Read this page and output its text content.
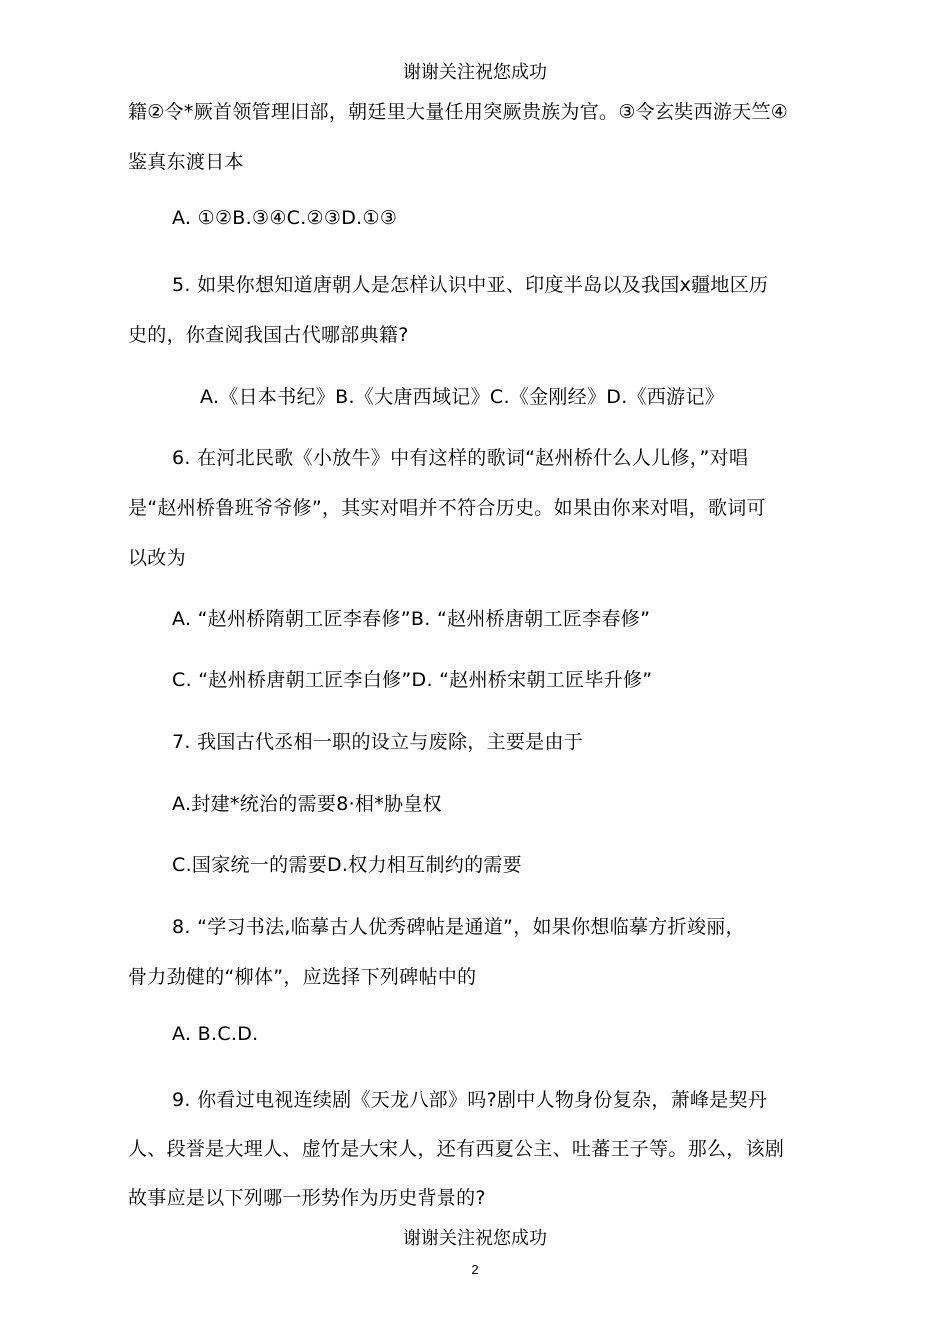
谢谢关注祝您成功
籍②令*厥首领管理旧部，朝廷里大量任用突厥贵族为官。③令玄奘西游天竺④
鉴真东渡日本
A. ①②B.③④C.②③D.①③
5. 如果你想知道唐朝人是怎样认识中亚、印度半岛以及我国x疆地区历
史的，你查阅我国古代哪部典籍?
A.《日本书纪》B.《大唐西域记》C.《金刚经》D.《西游记》
6. 在河北民歌《小放牛》中有这样的歌词“赵州桥什么人儿修，”对唱
是“赵州桥鲁班爷爷修”，其实对唱并不符合历史。如果由你来对唱，歌词可
以改为
A. “赵州桥隋朝工匠李春修”B. “赵州桥唐朝工匠李春修”
C. “赵州桥唐朝工匠李白修”D. “赵州桥宋朝工匠毕升修”
7. 我国古代丞相一职的设立与废除，主要是由于
A.封建*统治的需要8·相*胁皇权
C.国家统一的需要D.权力相互制约的需要
8. “学习书法,临摹古人优秀碑帖是通道”，如果你想临摹方折竣丽，
骨力劲健的“柳体”，应选择下列碑帖中的
A. B.C.D.
9. 你看过电视连续剧《天龙八部》吗?剧中人物身份复杂，萧峰是契丹
人、段誉是大理人、虚竹是大宋人，还有西夏公主、吐蕃王子等。那么，该剧
故事应是以下列哪一形势作为历史背景的?
谢谢关注祝您成功
2
